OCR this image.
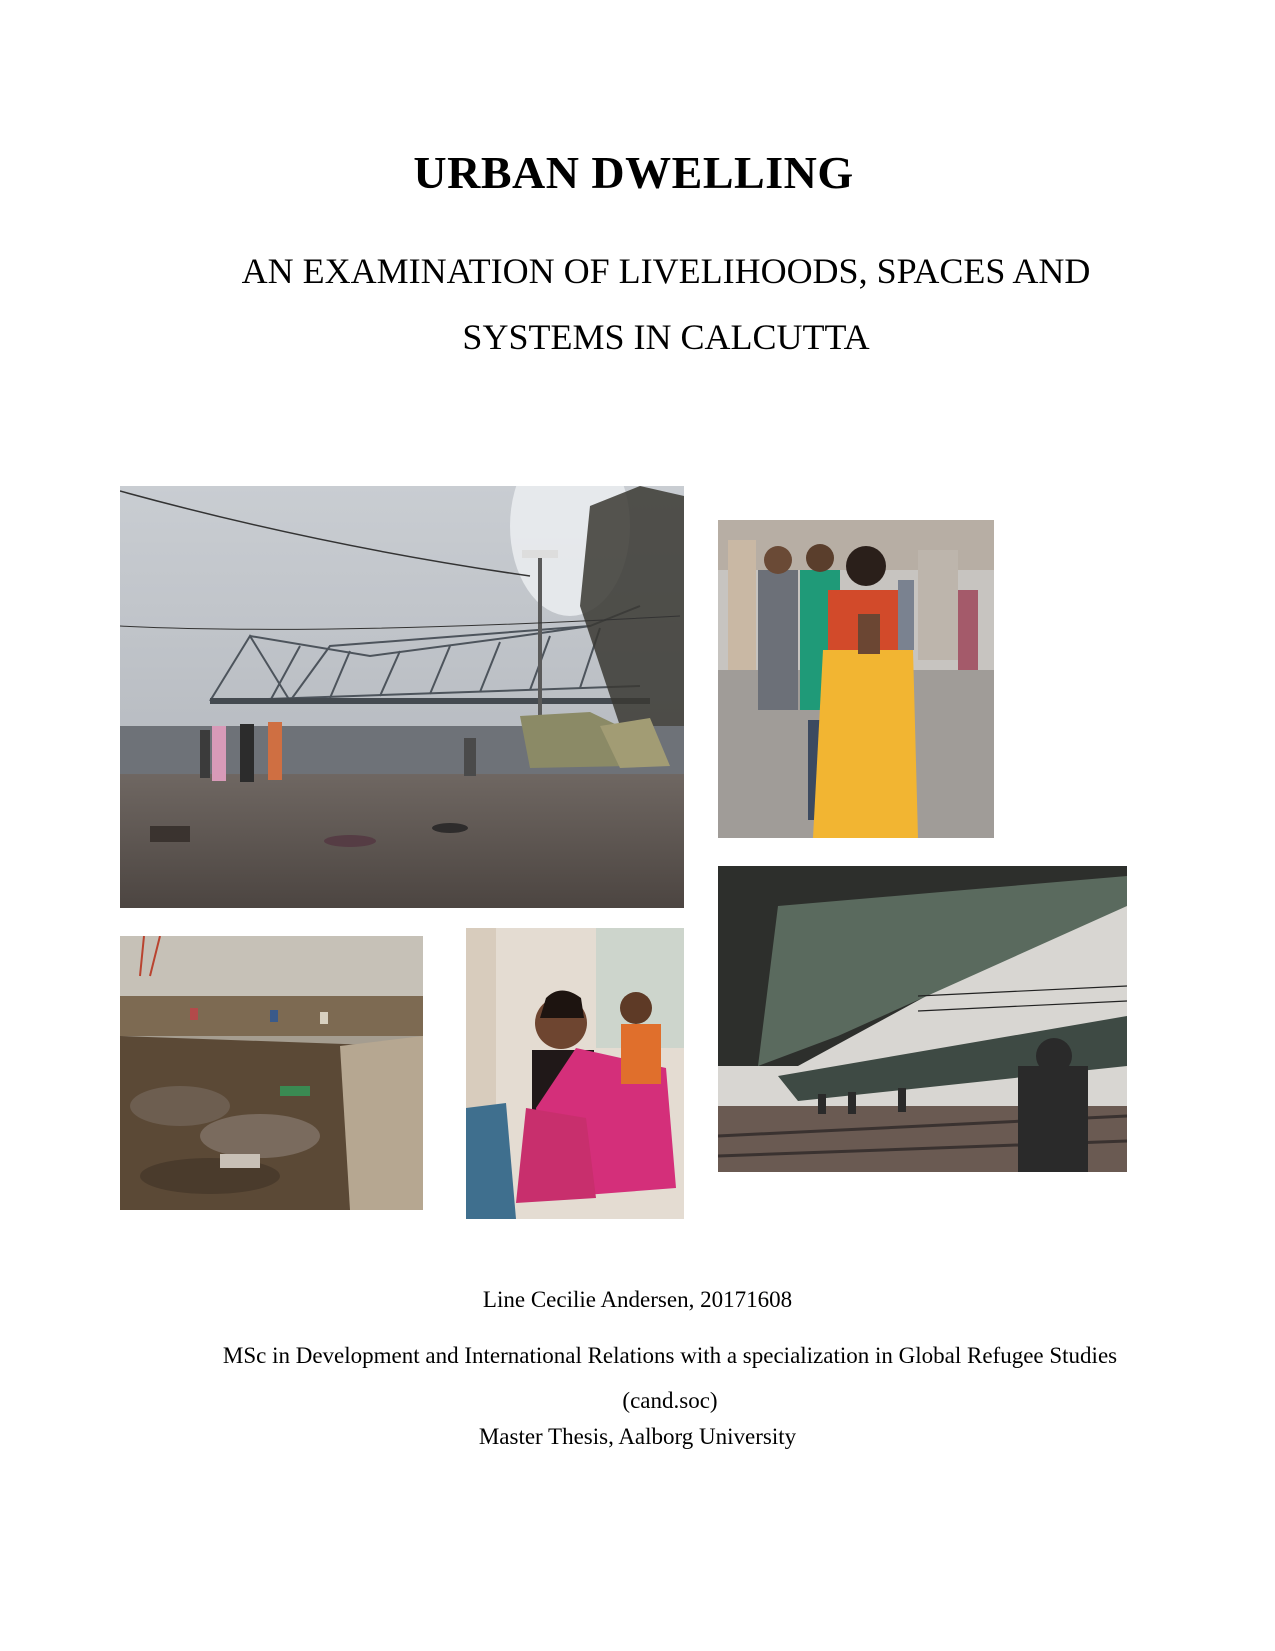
URBAN DWELLING
AN EXAMINATION OF LIVELIHOODS, SPACES AND SYSTEMS IN CALCUTTA
Line Cecilie Andersen, 20171608
MSc in Development and International Relations with a specialization in Global Refugee Studies (cand.soc)
Master Thesis, Aalborg University
